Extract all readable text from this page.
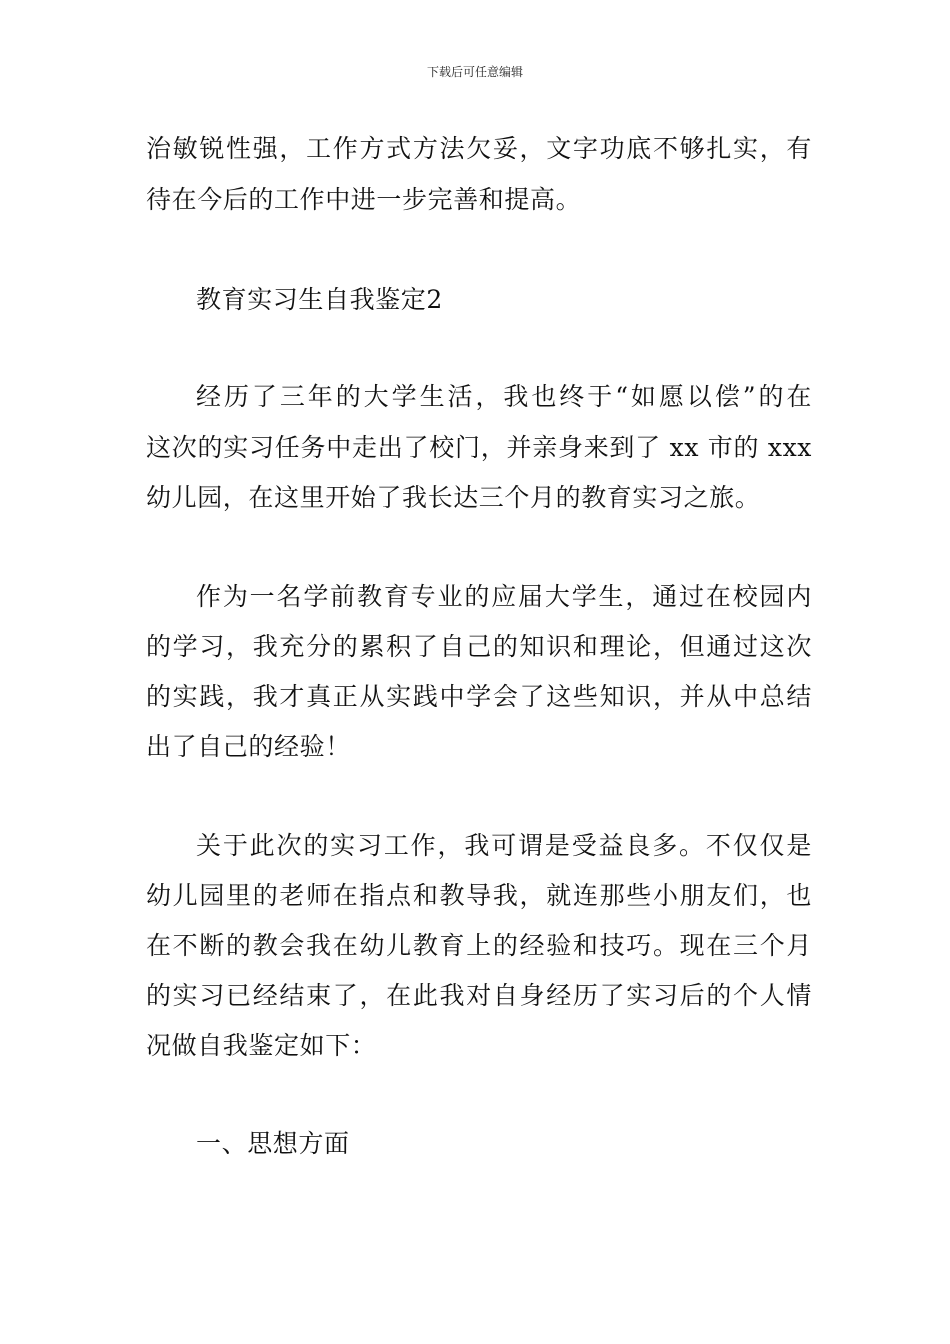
下载后可任意编辑
治敏锐性强，工作方式方法欠妥，文字功底不够扎实，有
待在今后的工作中进一步完善和提高。
教育实习生自我鉴定2
经历了三年的大学生活，我也终于“如愿以偿”的在
这次的实习任务中走出了校门，并亲身来到了 xx 市的 xxx
幼儿园，在这里开始了我长达三个月的教育实习之旅。
作为一名学前教育专业的应届大学生，通过在校园内
的学习，我充分的累积了自己的知识和理论，但通过这次
的实践，我才真正从实践中学会了这些知识，并从中总结
出了自己的经验！
关于此次的实习工作，我可谓是受益良多。不仅仅是
幼儿园里的老师在指点和教导我，就连那些小朋友们，也
在不断的教会我在幼儿教育上的经验和技巧。现在三个月
的实习已经结束了，在此我对自身经历了实习后的个人情
况做自我鉴定如下：
一、思想方面
